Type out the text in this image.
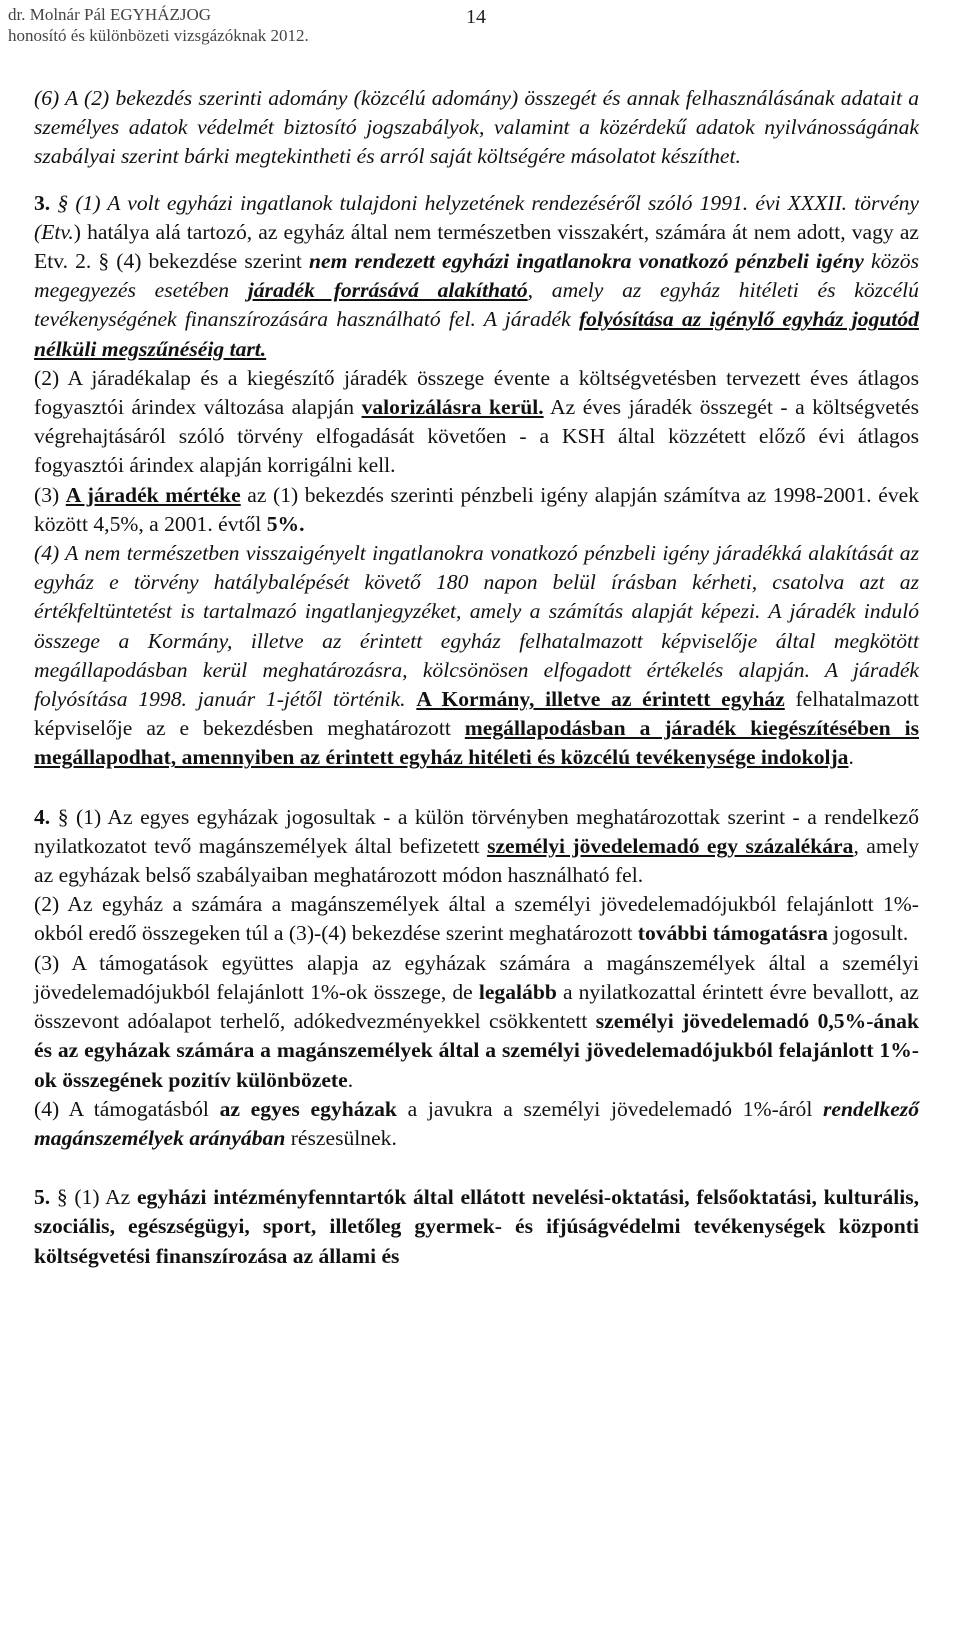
dr. Molnár Pál EGYHÁZJOG
honosító és különbözeti vizsgázóknak 2012.
14

(6) A (2) bekezdés szerinti adomány (közcélú adomány) összegét és annak felhasználásának adatait a személyes adatok védelmét biztosító jogszabályok, valamint a közérdekű adatok nyilvánosságának szabályai szerint bárki megtekintheti és arról saját költségére másolatot készíthet.

3. § (1) A volt egyházi ingatlanok tulajdoni helyzetének rendezéséről szóló 1991. évi XXXII. törvény (Etv.) hatálya alá tartozó, az egyház által nem természetben visszakért, számára át nem adott, vagy az Etv. 2. § (4) bekezdése szerint nem rendezett egyházi ingatlanokra vonatkozó pénzbeli igény közös megegyezés esetében járadék forrásává alakítható, amely az egyház hitéleti és közcélú tevékenységének finanszírozására használható fel. A járadék folyósítása az igénylő egyház jogutód nélküli megszűnéséig tart.

(2) A járadékalap és a kiegészítő járadék összege évente a költségvetésben tervezett éves átlagos fogyasztói árindex változása alapján valorizálásra kerül. Az éves járadék összegét - a költségvetés végrehajtásáról szóló törvény elfogadását követően - a KSH által közzétett előző évi átlagos fogyasztói árindex alapján korrigálni kell.

(3) A járadék mértéke az (1) bekezdés szerinti pénzbeli igény alapján számítva az 1998-2001. évek között 4,5%, a 2001. évtől 5%.

(4) A nem természetben visszaigényelt ingatlanokra vonatkozó pénzbeli igény járadékká alakítását az egyház e törvény hatálybalépését követő 180 napon belül írásban kérheti, csatolva azt az értékfeltüntetést is tartalmazó ingatlanjegyzéket, amely a számítás alapját képezi. A járadék induló összege a Kormány, illetve az érintett egyház felhatalmazott képviselője által megkötött megállapodásban kerül meghatározásra, kölcsönösen elfogadott értékelés alapján. A járadék folyósítása 1998. január 1-jétől történik. A Kormány, illetve az érintett egyház felhatalmazott képviselője az e bekezdésben meghatározott megállapodásban a járadék kiegészítésében is megállapodhat, amennyiben az érintett egyház hitéleti és közcélú tevékenysége indokolja.

4. § (1) Az egyes egyházak jogosultak - a külön törvényben meghatározottak szerint - a rendelkező nyilatkozatot tevő magánszemélyek által befizetett személyi jövedelemadó egy százalékára, amely az egyházak belső szabályaiban meghatározott módon használható fel.

(2) Az egyház a számára a magánszemélyek által a személyi jövedelemadójukból felajánlott 1%-okból eredő összegeken túl a (3)-(4) bekezdése szerint meghatározott további támogatásra jogosult.

(3) A támogatások együttes alapja az egyházak számára a magánszemélyek által a személyi jövedelemadójukból felajánlott 1%-ok összege, de legalább a nyilatkozattal érintett évre bevallott, az összevont adóalapot terhelő, adókedvezményekkel csökkentett személyi jövedelemadó 0,5%-ának és az egyházak számára a magánszemélyek által a személyi jövedelemadójukból felajánlott 1%-ok összegének pozitív különbözete.

(4) A támogatásból az egyes egyházak a javukra a személyi jövedelemadó 1%-áról rendelkező magánszemélyek arányában részesülnek.

5. § (1) Az egyházi intézményfenntartók által ellátott nevelési-oktatási, felsőoktatási, kulturális, szociális, egészségügyi, sport, illetőleg gyermek- és ifjúságvédelmi tevékenységek központi költségvetési finanszírozása az állami és
